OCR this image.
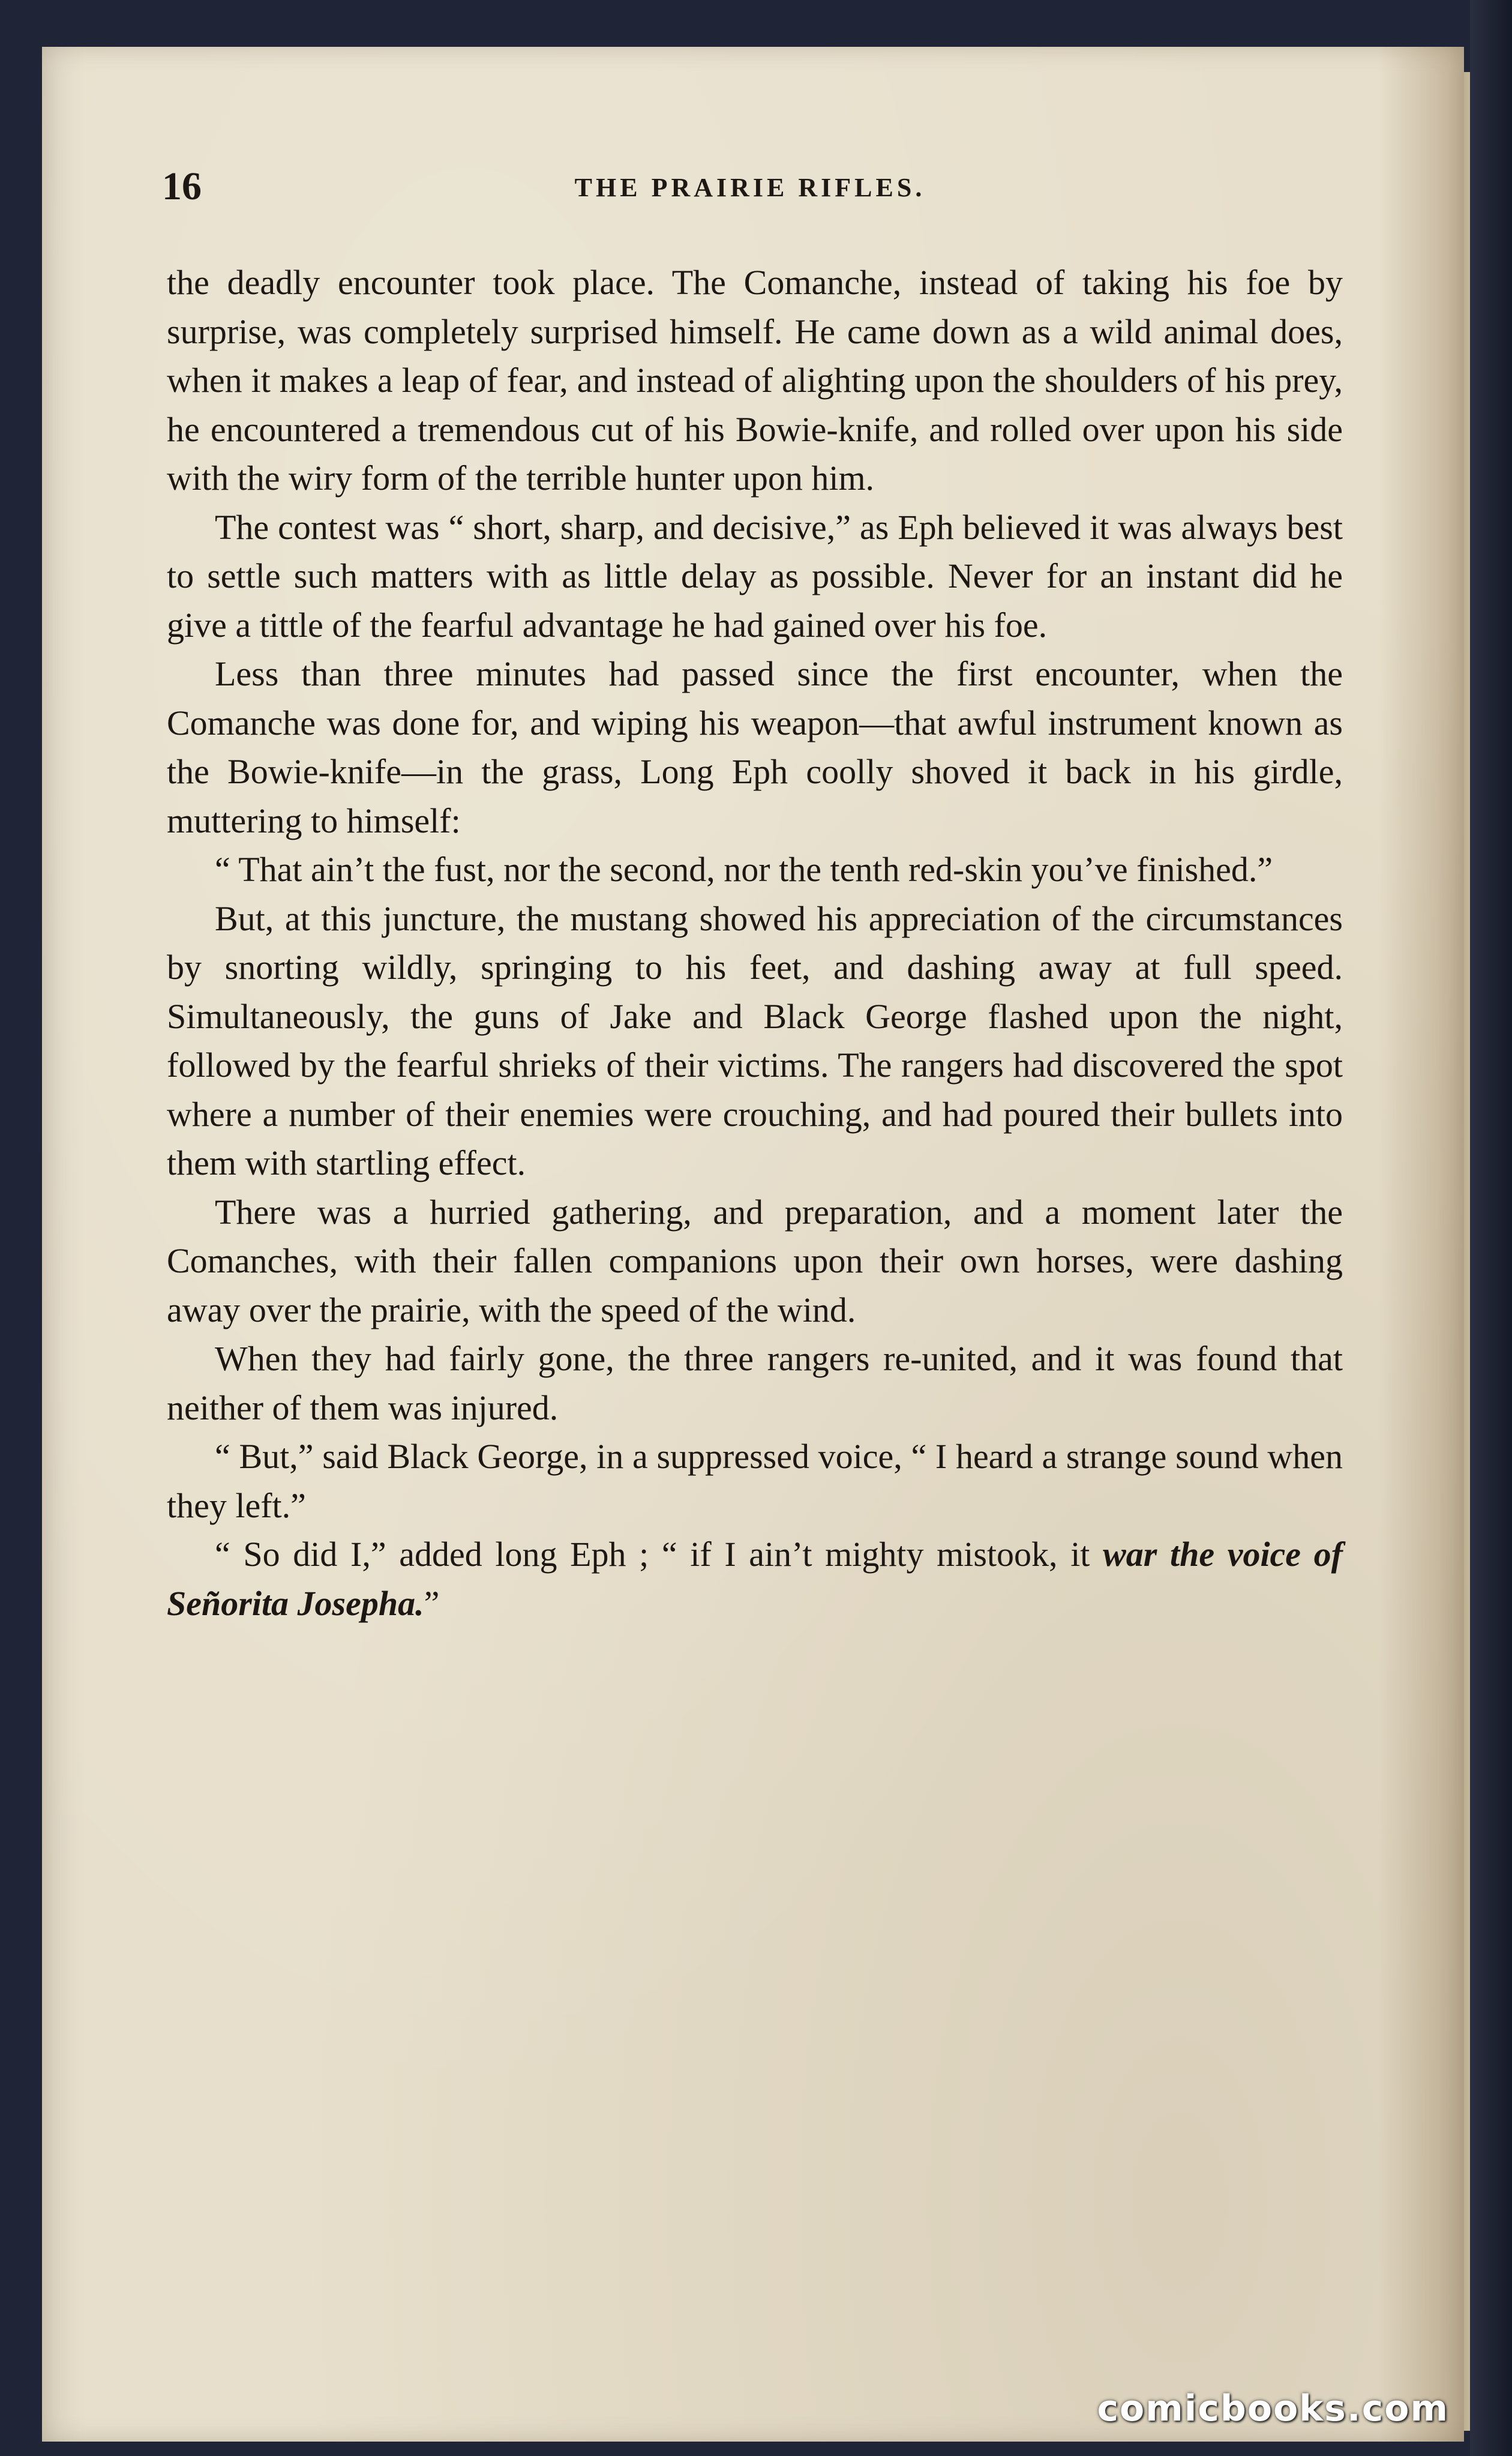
16	THE PRAIRIE RIFLES.

the deadly encounter took place. The Comanche, instead of taking his foe by surprise, was completely surprised himself. He came down as a wild animal does, when it makes a leap of fear, and instead of alighting upon the shoulders of his prey, he encountered a tremendous cut of his Bowie-knife, and rolled over upon his side with the wiry form of the terrible hunter upon him.

The contest was “ short, sharp, and decisive,” as Eph believed it was always best to settle such matters with as little delay as possible. Never for an instant did he give a tittle of the fearful advantage he had gained over his foe.

Less than three minutes had passed since the first encounter, when the Comanche was done for, and wiping his weapon—that awful instrument known as the Bowie-knife—in the grass, Long Eph coolly shoved it back in his girdle, muttering to himself:

“ That ain’t the fust, nor the second, nor the tenth red-skin you’ve finished.”

But, at this juncture, the mustang showed his appreciation of the circumstances by snorting wildly, springing to his feet, and dashing away at full speed. Simultaneously, the guns of Jake and Black George flashed upon the night, followed by the fearful shrieks of their victims. The rangers had discovered the spot where a number of their enemies were crouching, and had poured their bullets into them with startling effect.

There was a hurried gathering, and preparation, and a moment later the Comanches, with their fallen companions upon their own horses, were dashing away over the prairie, with the speed of the wind.

When they had fairly gone, the three rangers re-united, and it was found that neither of them was injured.

“ But,” said Black George, in a suppressed voice, “ I heard a strange sound when they left.”

“ So did I,” added long Eph ; “ if I ain’t mighty mistook, it war the voice of Señorita Josepha.”

comicbooks.com
